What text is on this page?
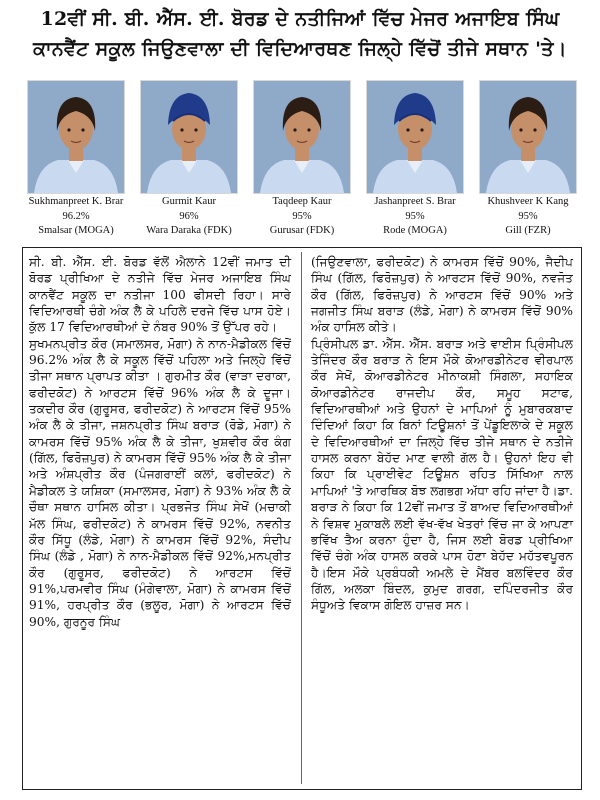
12ਵੀਂ ਸੀ. ਬੀ. ਐੱਸ. ਈ. ਬੋਰਡ ਦੇ ਨਤੀਜਿਆਂ ਵਿੱਚ ਮੇਜਰ ਅਜਾਇਬ ਸਿੰਘ ਕਾਨਵੈਂਟ ਸਕੂਲ ਜਿਉਣਵਾਲਾ ਦੀ ਵਿਦਿਆਰਥਣ ਜਿਲ੍ਹੇ ਵਿੱਚੋਂ ਤੀਜੇ ਸਥਾਨ 'ਤੇ।
Sukhmanpreet K. Brar
96.2%
Smalsar (MOGA)
Gurmit Kaur
96%
Wara Daraka (FDK)
Taqdeep Kaur
95%
Gurusar (FDK)
Jashanpreet S. Brar
95%
Rode (MOGA)
Khushveer K Kang
95%
Gill (FZR)

ਸੀ. ਬੀ. ਐੱਸ. ਈ. ਬੋਰਡ ਵੱਲੋਂ ਐਲਾਨੇ 12ਵੀਂ ਜਮਾਤ ਦੀ ਬੋਰਡ ਪ੍ਰੀਖਿਆ ਦੇ ਨਤੀਜੇ ਵਿੱਚ ਮੇਜਰ ਅਜਾਇਬ ਸਿੰਘ ਕਾਨਵੈਂਟ ਸਕੂਲ ਦਾ ਨਤੀਜਾ 100 ਫੀਸਦੀ ਰਿਹਾ। ਸਾਰੇ ਵਿਦਿਆਰਥੀ ਚੰਗੇ ਅੰਕ ਲੈ ਕੇ ਪਹਿਲੇ ਦਰਜੇ ਵਿੱਚ ਪਾਸ ਹੋਏ। ਕੁੱਲ 17 ਵਿਦਿਆਰਥੀਆਂ ਦੇ ਨੰਬਰ 90% ਤੋਂ ਉੱਪਰ ਰਹੇ।

ਸੁਖਮਨਪ੍ਰੀਤ ਕੌਰ (ਸਮਾਲਸਰ, ਮੋਗਾ) ਨੇ ਨਾਨ-ਮੈਡੀਕਲ ਵਿੱਚੋਂ 96.2% ਅੰਕ ਲੈ ਕੇ ਸਕੂਲ ਵਿੱਚੋਂ ਪਹਿਲਾ ਅਤੇ ਜਿਲ੍ਹੇ ਵਿੱਚੋਂ ਤੀਜਾ ਸਥਾਨ ਪ੍ਰਾਪਤ ਕੀਤਾ । ਗੁਰਮੀਤ ਕੌਰ (ਵਾੜਾ ਦਰਾਕਾ, ਫਰੀਦਕੋਟ) ਨੇ ਆਰਟਸ ਵਿੱਚੋਂ 96% ਅੰਕ ਲੈ ਕੇ ਦੂਜਾ। ਤਕਦੀਰ ਕੌਰ (ਗੁਰੂਸਰ, ਫਰੀਦਕੋਟ) ਨੇ ਆਰਟਸ ਵਿੱਚੋਂ 95% ਅੰਕ ਲੈ ਕੇ ਤੀਜਾ, ਜਸ਼ਨਪ੍ਰੀਤ ਸਿੰਘ ਬਰਾੜ (ਰੋਡੇ, ਮੋਗਾ) ਨੇ ਕਾਮਰਸ ਵਿੱਚੋਂ 95% ਅੰਕ ਲੈ ਕੇ ਤੀਜਾ, ਖੁਸ਼ਵੀਰ ਕੌਰ ਕੰਗ (ਗਿੱਲ, ਫਿਰੋਜ਼ਪੁਰ) ਨੇ ਕਾਮਰਸ ਵਿੱਚੋਂ 95% ਅੰਕ ਲੈ ਕੇ ਤੀਜਾ ਅਤੇ ਅੰਸ਼ਪ੍ਰੀਤ ਕੌਰ (ਪੰਜਗਰਾਈਂ ਕਲਾਂ, ਫਰੀਦਕੋਟ) ਨੇ ਮੈਡੀਕਲ ਤੇ ਯਸ਼ਿਕਾ (ਸਮਾਲਸਰ, ਮੋਗਾ) ਨੇ 93% ਅੰਕ ਲੈ ਕੇ ਚੌਥਾ ਸਥਾਨ ਹਾਸਿਲ ਕੀਤਾ। ਪ੍ਰਭਜੋਤ ਸਿੰਘ ਸੇਖੋਂ (ਮਚਾਕੀ ਮੱਲ ਸਿੰਘ, ਫਰੀਦਕੋਟ) ਨੇ ਕਾਮਰਸ ਵਿੱਚੋਂ 92%, ਨਵਨੀਤ ਕੌਰ ਸਿੱਧੂ (ਲੰਡੇ, ਮੋਗਾ) ਨੇ ਕਾਮਰਸ ਵਿੱਚੋਂ 92%, ਸੰਦੀਪ ਸਿੰਘ (ਲੰਡੇ , ਮੋਗਾ) ਨੇ ਨਾਨ-ਮੈਡੀਕਲ ਵਿੱਚੋਂ 92%,ਮਨਪ੍ਰੀਤ ਕੌਰ (ਗੁਰੂਸਰ, ਫਰੀਦਕੋਟ) ਨੇ ਆਰਟਸ ਵਿੱਚੋਂ 91%,ਪਰਮਵੀਰ ਸਿੰਘ (ਮੰਗੇਵਾਲਾ, ਮੋਗਾ) ਨੇ ਕਾਮਰਸ ਵਿੱਚੋਂ 91%, ਹਰਪ੍ਰੀਤ ਕੌਰ (ਭਲੂਰ, ਮੋਗਾ) ਨੇ ਆਰਟਸ ਵਿੱਚੋਂ 90%, ਗੁਰਨੂਰ ਸਿੰਘ

(ਜਿਉਣਵਾਲਾ, ਫਰੀਦਕੋਟ) ਨੇ ਕਾਮਰਸ ਵਿੱਚੋਂ 90%, ਜੈਦੀਪ ਸਿੰਘ (ਗਿੱਲ, ਫਿਰੋਜ਼ਪੁਰ) ਨੇ ਆਰਟਸ ਵਿੱਚੋਂ 90%, ਨਵਜੋਤ ਕੌਰ (ਗਿੱਲ, ਫਿਰੋਜ਼ਪੁਰ) ਨੇ ਆਰਟਸ ਵਿੱਚੋਂ 90% ਅਤੇ ਜਗਜੀਤ ਸਿੰਘ ਬਰਾੜ (ਲੰਡੇ, ਮੋਗਾ) ਨੇ ਕਾਮਰਸ ਵਿੱਚੋਂ 90% ਅੰਕ ਹਾਸਿਲ ਕੀਤੇ।

ਪ੍ਰਿੰਸੀਪਲ ਡਾ. ਐੱਸ. ਐੱਸ. ਬਰਾੜ ਅਤੇ ਵਾਈਸ ਪ੍ਰਿੰਸੀਪਲ ਤੇਜਿੰਦਰ ਕੌਰ ਬਰਾੜ ਨੇ ਇਸ ਮੌਕੇ ਕੋਆਰਡੀਨੇਟਰ ਵੀਰਪਾਲ ਕੌਰ ਸੇਖੋਂ, ਕੋਆਰਡੀਨੇਟਰ ਮੀਨਾਕਸ਼ੀ ਸਿੰਗਲਾ, ਸਹਾਇਕ ਕੋਆਰਡੀਨੇਟਰ ਰਾਜਦੀਪ ਕੌਰ, ਸਮੂਹ ਸਟਾਫ, ਵਿਦਿਆਰਥੀਆਂ ਅਤੇ ਉਹਨਾਂ ਦੇ ਮਾਪਿਆਂ ਨੂੰ ਮੁਬਾਰਕਬਾਦ ਦਿੰਦਿਆਂ ਕਿਹਾ ਕਿ ਬਿਨਾਂ ਟਿਊਸ਼ਨਾਂ ਤੋਂ ਪੇਂਡੂਇਲਾਕੇ ਦੇ ਸਕੂਲ ਦੇ ਵਿਦਿਆਰਥੀਆਂ ਦਾ ਜਿਲ੍ਹੇ ਵਿੱਚ ਤੀਜੇ ਸਥਾਨ ਦੇ ਨਤੀਜੇ ਹਾਸਲ ਕਰਨਾ ਬੇਹੱਦ ਮਾਣ ਵਾਲੀ ਗੱਲ ਹੈ। ਉਹਨਾਂ ਇਹ ਵੀ ਕਿਹਾ ਕਿ ਪ੍ਰਾਈਵੇਟ ਟਿਊਸ਼ਨ ਰਹਿਤ ਸਿੱਖਿਆ ਨਾਲ ਮਾਪਿਆਂ 'ਤੇ ਆਰਥਿਕ ਬੋਝ ਲਗਭਗ ਅੱਧਾ ਰਹਿ ਜਾਂਦਾ ਹੈ।ਡਾ. ਬਰਾੜ ਨੇ ਕਿਹਾ ਕਿ 12ਵੀਂ ਜਮਾਤ ਤੋਂ ਬਾਅਦ ਵਿਦਿਆਰਥੀਆਂ ਨੇ ਵਿਸ਼ਵ ਮੁਕਾਬਲੇ ਲਈ ਵੱਖ-ਵੱਖ ਖੇਤਰਾਂ ਵਿੱਚ ਜਾ ਕੇ ਆਪਣਾ ਭਵਿੱਖ ਤੈਅ ਕਰਨਾ ਹੁੰਦਾ ਹੈ, ਜਿਸ ਲਈ ਬੋਰਡ ਪ੍ਰੀਖਿਆ ਵਿੱਚੋਂ ਚੰਗੇ ਅੰਕ ਹਾਸਲ ਕਰਕੇ ਪਾਸ ਹੋਣਾ ਬੇਹੱਦ ਮਹੱਤਵਪੂਰਨ ਹੈ।ਇਸ ਮੌਕੇ ਪ੍ਰਬੰਧਕੀ ਅਮਲੇ ਦੇ ਮੈਂਬਰ ਬਲਵਿੰਦਰ ਕੌਰ ਗਿੱਲ, ਅਲਕਾ ਬਿੰਦਲ, ਕੁਮੁਦ ਗਰਗ, ਦਪਿੰਦਰਜੀਤ ਕੌਰ ਸੰਧੂਅਤੇ ਵਿਕਾਸ ਗੋਇਲ ਹਾਜ਼ਰ ਸਨ।
